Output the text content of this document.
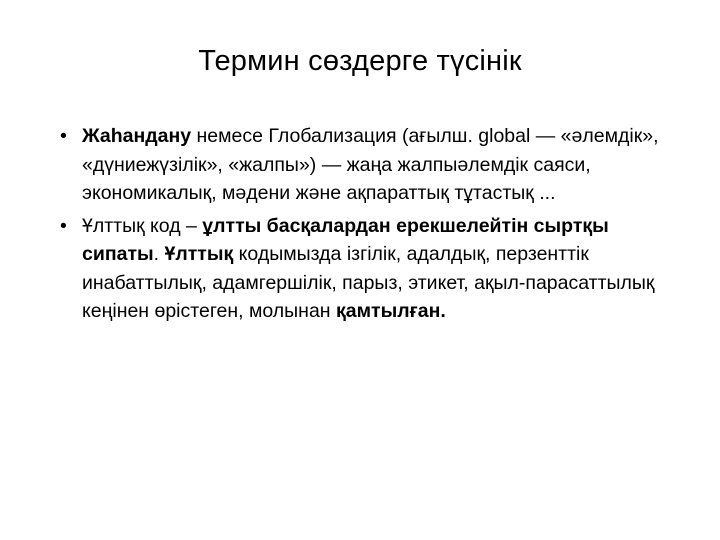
Термин сөздерге түсінік
• Жаһандану немесе Глобализация (ағылш. global — «әлемдік», «дүниежүзілік», «жалпы») — жаңа жалпыәлемдік саяси, экономикалық, мәдени және ақпараттық тұтастық ...

• Ұлттық код – ұлтты басқалардан ерекшелейтін сыртқы сипаты. Ұлттық кодымызда ізгілік, адалдық, перзенттік инабаттылық, адамгершілік, парыз, этикет, ақыл-парасаттылық кеңінен өрістеген, молынан қамтылған.
